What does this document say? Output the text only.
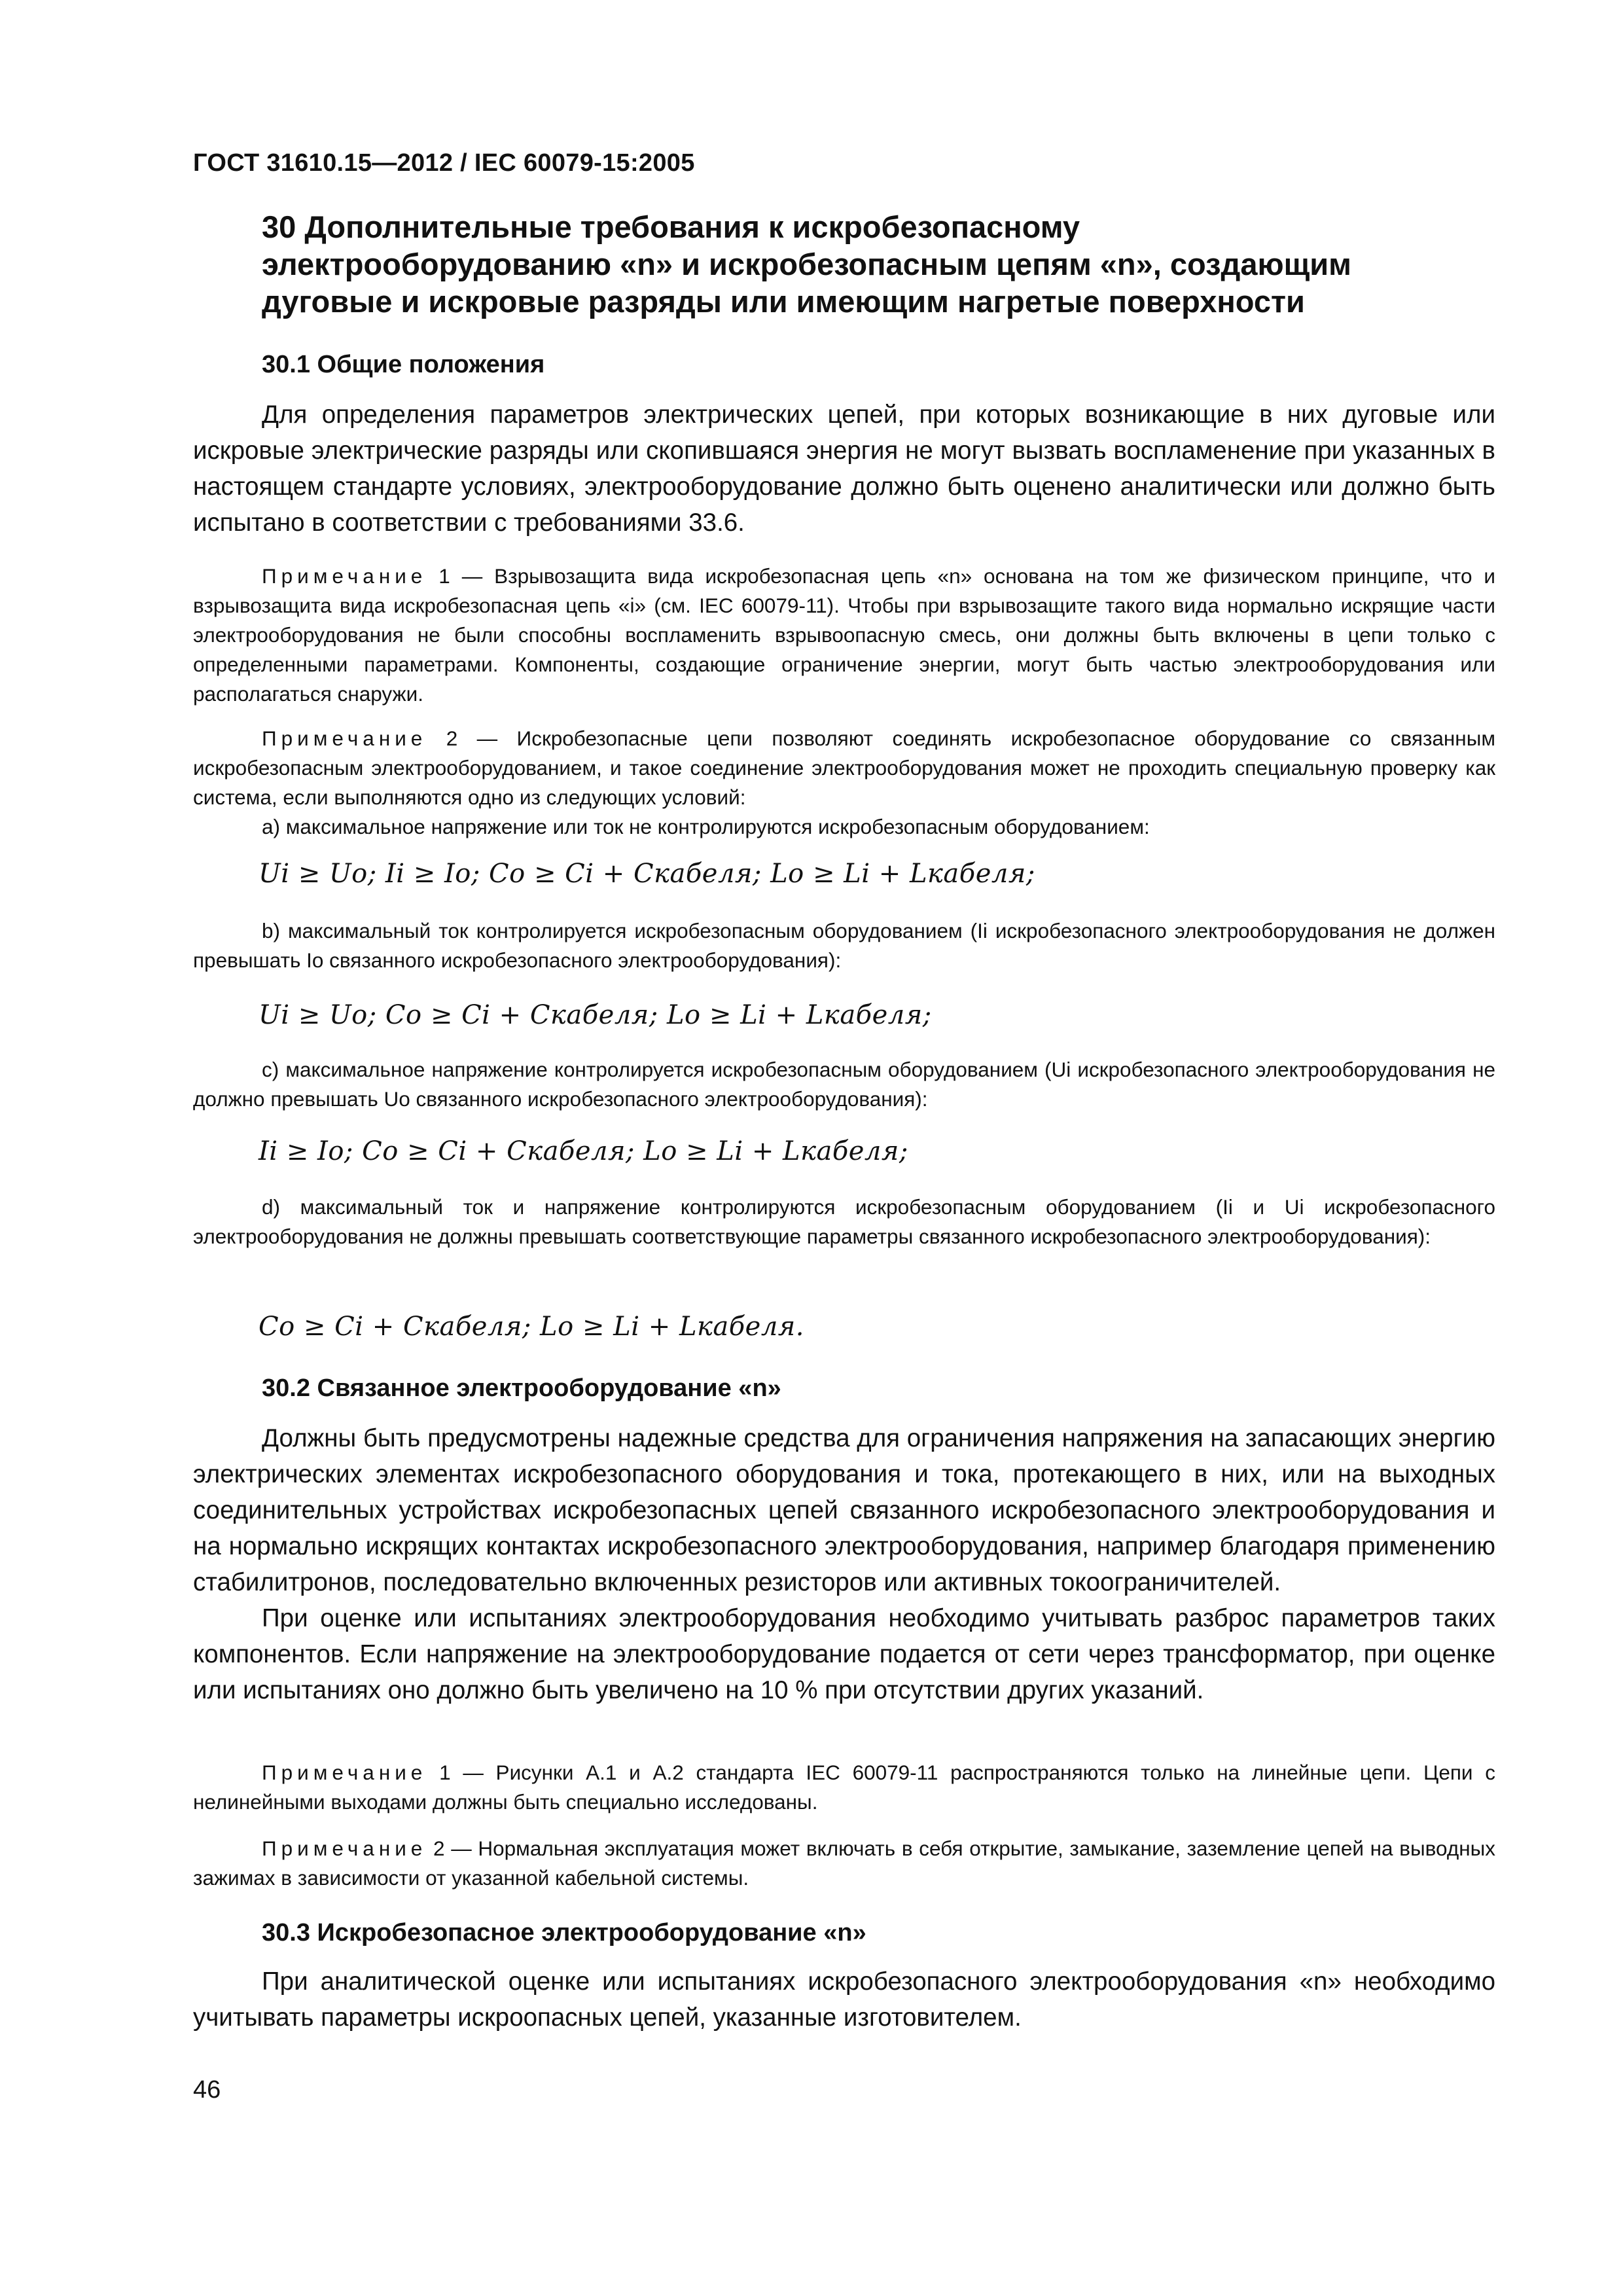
ГОСТ 31610.15—2012 / IEC 60079-15:2005
30 Дополнительные требования к искробезопасному
электрооборудованию «n» и искробезопасным цепям «n», создающим
дуговые и искровые разряды или имеющим нагретые поверхности
30.1 Общие положения

Для определения параметров электрических цепей, при которых возникающие в них дуговые или искровые электрические разряды или скопившаяся энергия не могут вызвать воспламенение при указанных в настоящем стандарте условиях, электрооборудование должно быть оценено аналитически или должно быть испытано в соответствии с требованиями 33.6.

Примечание 1 — Взрывозащита вида искробезопасная цепь «n» основана на том же физическом принципе, что и взрывозащита вида искробезопасная цепь «i» (см. IEC 60079-11). Чтобы при взрывозащите такого вида нормально искрящие части электрооборудования не были способны воспламенить взрывоопасную смесь, они должны быть включены в цепи только с определенными параметрами. Компоненты, создающие ограничение энергии, могут быть частью электрооборудования или располагаться снаружи.

Примечание 2 — Искробезопасные цепи позволяют соединять искробезопасное оборудование со связанным искробезопасным электрооборудованием, и такое соединение электрооборудования может не проходить специальную проверку как система, если выполняются одно из следующих условий:

а) максимальное напряжение или ток не контролируются искробезопасным оборудованием:

Ui ≥ Uo; Ii ≥ Io; Co ≥ Ci + Cкабеля; Lo ≥ Li + Lкабеля;

b) максимальный ток контролируется искробезопасным оборудованием (Ii искробезопасного электрооборудования не должен превышать Io связанного искробезопасного электрооборудования):

Ui ≥ Uo; Co ≥ Ci + Cкабеля; Lo ≥ Li + Lкабеля;

с) максимальное напряжение контролируется искробезопасным оборудованием (Ui искробезопасного электрооборудования не должно превышать Uo связанного искробезопасного электрооборудования):

Ii ≥ Io; Co ≥ Ci + Cкабеля; Lo ≥ Li + Lкабеля;

d) максимальный ток и напряжение контролируются искробезопасным оборудованием (Ii и Ui искробезопасного электрооборудования не должны превышать соответствующие параметры связанного искробезопасного электрооборудования):

Co ≥ Ci + Cкабеля; Lo ≥ Li + Lкабеля.
30.2 Связанное электрооборудование «n»

Должны быть предусмотрены надежные средства для ограничения напряжения на запасающих энергию электрических элементах искробезопасного оборудования и тока, протекающего в них, или на выходных соединительных устройствах искробезопасных цепей связанного искробезопасного электрооборудования и на нормально искрящих контактах искробезопасного электрооборудования, например благодаря применению стабилитронов, последовательно включенных резисторов или активных токоограничителей.

При оценке или испытаниях электрооборудования необходимо учитывать разброс параметров таких компонентов. Если напряжение на электрооборудование подается от сети через трансформатор, при оценке или испытаниях оно должно быть увеличено на 10 % при отсутствии других указаний.

Примечание 1 — Рисунки А.1 и А.2 стандарта IEC 60079-11 распространяются только на линейные цепи. Цепи с нелинейными выходами должны быть специально исследованы.

Примечание 2 — Нормальная эксплуатация может включать в себя открытие, замыкание, заземление цепей на выводных зажимах в зависимости от указанной кабельной системы.

30.3 Искробезопасное электрооборудование «n»

При аналитической оценке или испытаниях искробезопасного электрооборудования «n» необходимо учитывать параметры искроопасных цепей, указанные изготовителем.

46
